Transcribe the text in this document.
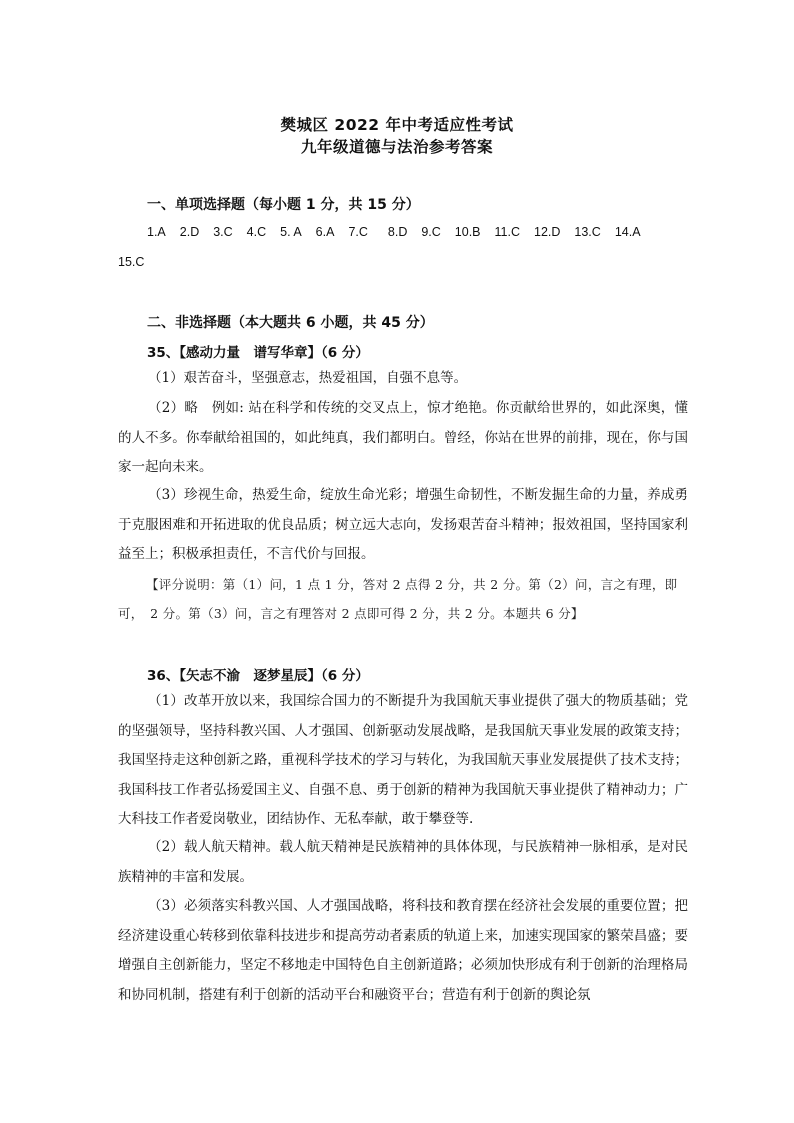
樊城区 2022 年中考适应性考试
九年级道德与法治参考答案
一、单项选择题（每小题 1 分，共 15 分）
1.A 2.D 3.C 4.C 5. A 6.A 7.C 8.D 9.C 10.B 11.C 12.D 13.C 14.A
15.C
二、非选择题（本大题共 6 小题，共 45 分）
35、【感动力量　谱写华章】（6 分）

（1）艰苦奋斗，坚强意志，热爱祖国，自强不息等。

（2）略　例如: 站在科学和传统的交叉点上，惊才绝艳。你贡献给世界的，如此深奥，懂的人不多。你奉献给祖国的，如此纯真，我们都明白。曾经，你站在世界的前排，现在，你与国家一起向未来。

（3）珍视生命，热爱生命，绽放生命光彩；增强生命韧性，不断发掘生命的力量，养成勇于克服困难和开拓进取的优良品质；树立远大志向，发扬艰苦奋斗精神；报效祖国，坚持国家利益至上；积极承担责任，不言代价与回报。

【评分说明：第（1）问，1 点 1 分，答对 2 点得 2 分，共 2 分。第（2）问，言之有理，即可，　2 分。第（3）问，言之有理答对 2 点即可得 2 分，共 2 分。本题共 6 分】

36、【矢志不渝　逐梦星辰】（6 分）

（1）改革开放以来，我国综合国力的不断提升为我国航天事业提供了强大的物质基础；党的坚强领导，坚持科教兴国、人才强国、创新驱动发展战略，是我国航天事业发展的政策支持；我国坚持走这种创新之路，重视科学技术的学习与转化，为我国航天事业发展提供了技术支持；我国科技工作者弘扬爱国主义、自强不息、勇于创新的精神为我国航天事业提供了精神动力；广大科技工作者爱岗敬业，团结协作、无私奉献，敢于攀登等.

（2）载人航天精神。载人航天精神是民族精神的具体体现，与民族精神一脉相承，是对民族精神的丰富和发展。

（3）必须落实科教兴国、人才强国战略，将科技和教育摆在经济社会发展的重要位置；把经济建设重心转移到依靠科技进步和提高劳动者素质的轨道上来，加速实现国家的繁荣昌盛；要增强自主创新能力，坚定不移地走中国特色自主创新道路；必须加快形成有利于创新的治理格局和协同机制，搭建有利于创新的活动平台和融资平台；营造有利于创新的舆论氛
